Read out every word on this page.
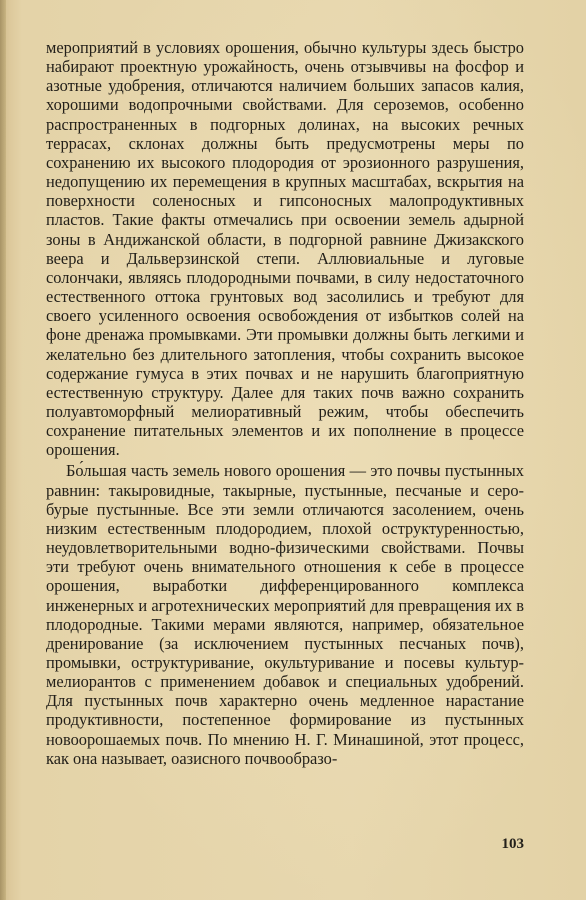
мероприятий в условиях орошения, обычно культуры здесь быстро набирают проектную урожайность, очень отзывчивы на фосфор и азотные удобрения, отличаются наличием больших запасов калия, хорошими водопрочными свойствами. Для сероземов, особенно распространенных в подгорных долинах, на высоких речных террасах, склонах должны быть предусмотрены меры по сохранению их высокого плодородия от эрозионного разрушения, недопущению их перемещения в крупных масштабах, вскрытия на поверхности соленосных и гипсоносных малопродуктивных пластов. Такие факты отмечались при освоении земель адырной зоны в Андижанской области, в подгорной равнине Джизакского веера и Дальверзинской степи. Аллювиальные и луговые солончаки, являясь плодородными почвами, в силу недостаточного естественного оттока грунтовых вод засолились и требуют для своего усиленного освоения освобождения от избытков солей на фоне дренажа промывками. Эти промывки должны быть легкими и желательно без длительного затопления, чтобы сохранить высокое содержание гумуса в этих почвах и не нарушить благоприятную естественную структуру. Далее для таких почв важно сохранить полуавтоморфный мелиоративный режим, чтобы обеспечить сохранение питательных элементов и их пополнение в процессе орошения.

Бо́льшая часть земель нового орошения — это почвы пустынных равнин: такыровидные, такырные, пустынные, песчаные и серо-бурые пустынные. Все эти земли отличаются засолением, очень низким естественным плодородием, плохой оструктуренностью, неудовлетворительными водно-физическими свойствами. Почвы эти требуют очень внимательного отношения к себе в процессе орошения, выработки дифференцированного комплекса инженерных и агротехнических мероприятий для превращения их в плодородные. Такими мерами являются, например, обязательное дренирование (за исключением пустынных песчаных почв), промывки, оструктуривание, окультуривание и посевы культур-мелиорантов с применением добавок и специальных удобрений. Для пустынных почв характерно очень медленное нарастание продуктивности, постепенное формирование из пустынных новоорошаемых почв. По мнению Н. Г. Минашиной, этот процесс, как она называет, оазисного почвообразо-

103
